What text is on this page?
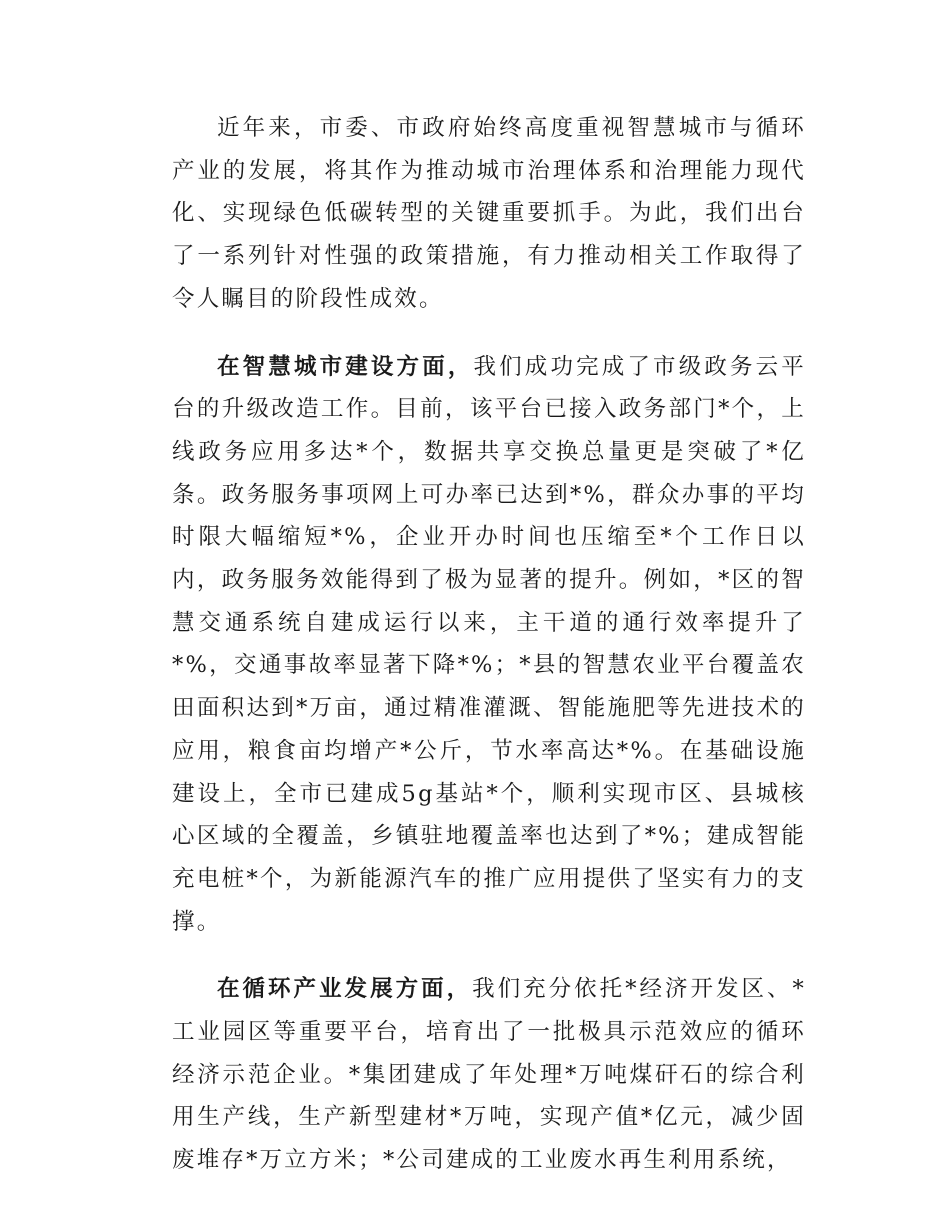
近年来，市委、市政府始终高度重视智慧城市与循环产业的发展，将其作为推动城市治理体系和治理能力现代化、实现绿色低碳转型的关键重要抓手。为此，我们出台了一系列针对性强的政策措施，有力推动相关工作取得了令人瞩目的阶段性成效。

在智慧城市建设方面，我们成功完成了市级政务云平台的升级改造工作。目前，该平台已接入政务部门*个，上线政务应用多达*个，数据共享交换总量更是突破了*亿条。政务服务事项网上可办率已达到*%，群众办事的平均时限大幅缩短*%，企业开办时间也压缩至*个工作日以内，政务服务效能得到了极为显著的提升。例如，*区的智慧交通系统自建成运行以来，主干道的通行效率提升了*%，交通事故率显著下降*%；*县的智慧农业平台覆盖农田面积达到*万亩，通过精准灌溉、智能施肥等先进技术的应用，粮食亩均增产*公斤，节水率高达*%。在基础设施建设上，全市已建成5g基站*个，顺利实现市区、县城核心区域的全覆盖，乡镇驻地覆盖率也达到了*%；建成智能充电桩*个，为新能源汽车的推广应用提供了坚实有力的支撑。

在循环产业发展方面，我们充分依托*经济开发区、*工业园区等重要平台，培育出了一批极具示范效应的循环经济示范企业。*集团建成了年处理*万吨煤矸石的综合利用生产线，生产新型建材*万吨，实现产值*亿元，减少固废堆存*万立方米；*公司建成的工业废水再生利用系统，
